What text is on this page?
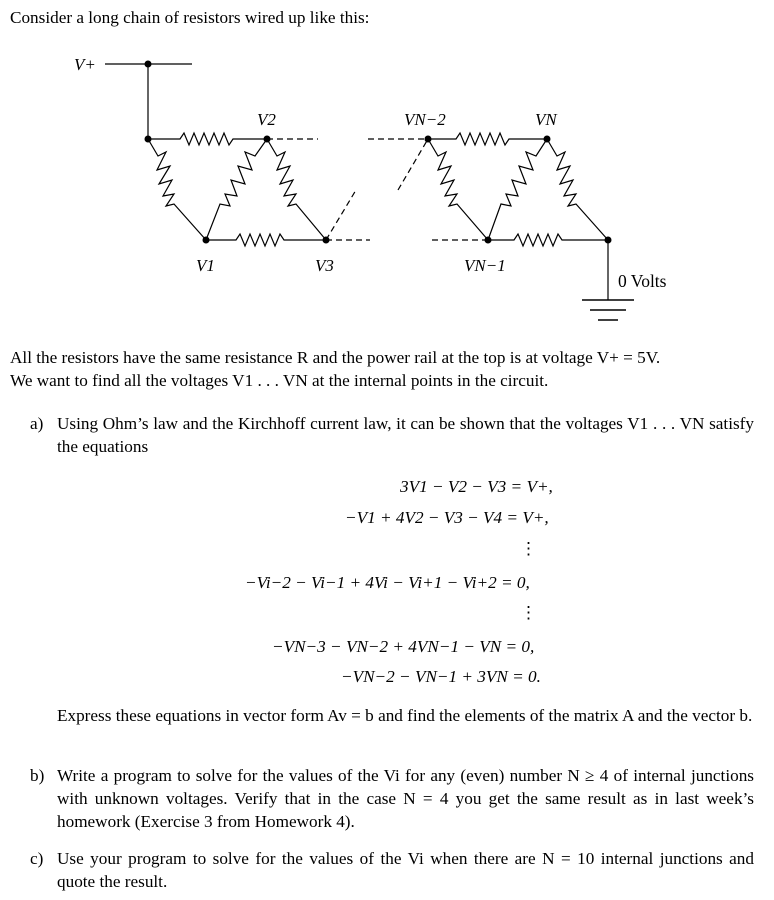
Consider a long chain of resistors wired up like this:

V+
V2
V1	V3
VN−2	VN
VN−1
0 Volts
All the resistors have the same resistance R and the power rail at the top is at voltage V+ = 5V.
We want to find all the voltages V1 . . . VN at the internal points in the circuit.
a) Using Ohm’s law and the Kirchhoff current law, it can be shown that the voltages V1 . . . VN satisfy the equations
3V1 − V2 − V3 = V+,
−V1 + 4V2 − V3 − V4 = V+,
⋮
−Vi−2 − Vi−1 + 4Vi − Vi+1 − Vi+2 = 0,
⋮
−VN−3 − VN−2 + 4VN−1 − VN = 0,
−VN−2 − VN−1 + 3VN = 0.
Express these equations in vector form Av = b and find the elements of the matrix A and the vector b.
b) Write a program to solve for the values of the Vi for any (even) number N ≥ 4 of internal junctions with unknown voltages. Verify that in the case N = 4 you get the same result as in last week’s homework (Exercise 3 from Homework 4).
c) Use your program to solve for the values of the Vi when there are N = 10 internal junctions and quote the result.
